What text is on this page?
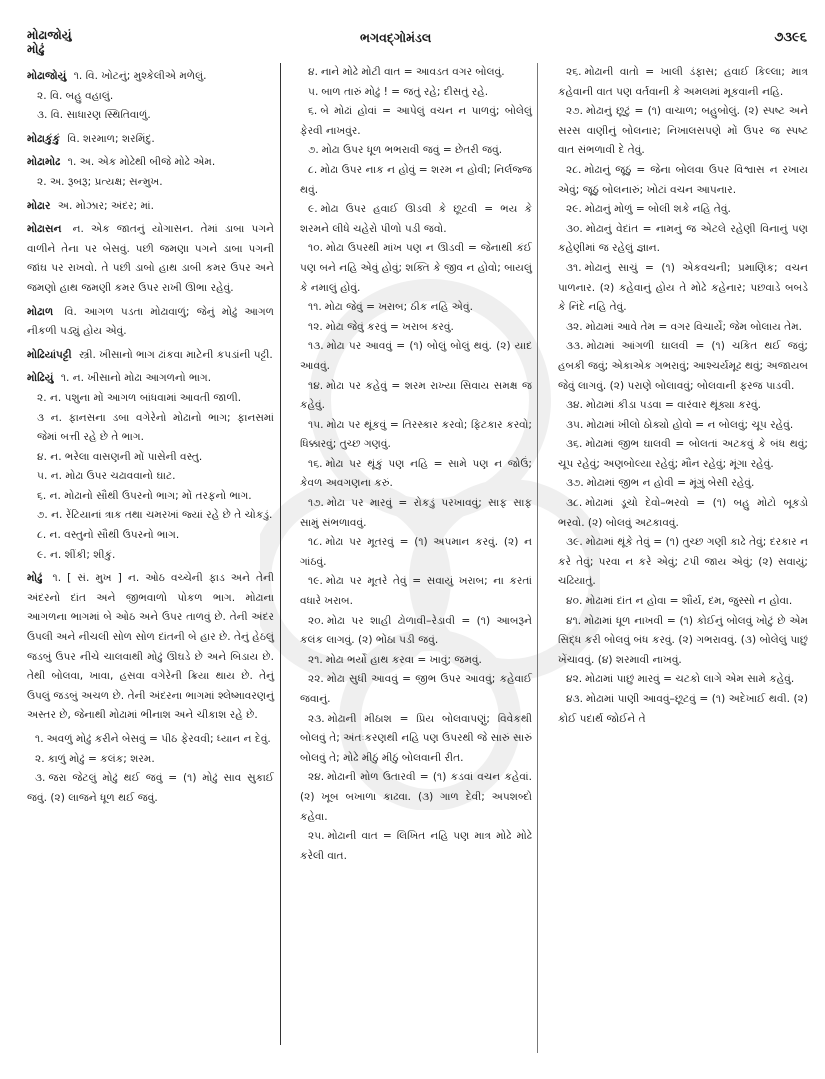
મોઢાજોયું
મોઢું
ભગવદ્ગોમંડલ	૭૩૯૬
મોઢાજોયું ૧. વિ. ખોટનું; મુશ્કેલીએ મળેલું.

૨. વિ. બહુ વહાલું.

૩. વિ. સાધારણ સ્થિતિવાળું.

મોઢાકુંકું વિ. શરમાળ; શરમિંદુ.
મોઢામોઢ ૧. અ. એક મોઢેથી બીજે મોઢે એમ.

૨. અ. રૂબરૂ; પ્રત્યક્ષ; સન્મુખ.

મોઢાર અ. મોઝાર; અંદર; માં.
મોઢાસન ન. એક જાતનું યોગાસન. તેમાં ડાબા પગને વાળીને તેના પર બેસવું. પછી જમણા પગને ડાબા પગની જાંઘ પર રાખવો. તે પછી ડાબો હાથ ડાબી કમર ઉપર અને જમણો હાથ જમણી કમર ઉપર રાખી ઊભા રહેવું.
મોઢાળ વિ. આગળ પડતા મોઢાવાળું; જેનું મોઢું આગળ નીકળી પડ્યું હોય એવું.
મોઢિયાંપટ્ટી સ્ત્રી. ખીસાનો ભાગ ઢાંકવા માટેની કપડાંની પટ્ટી.
મોઢિયું ૧. ન. ખીસાનો મોઢા આગળનો ભાગ.

૨. ન. પશુના મોં આગળ બાંધવામાં આવતી જાળી.

૩ ન. ફાનસના ડબા વગેરેનો મોઢાનો ભાગ; ફાનસમાં જેમાં બત્તી રહે છે તે ભાગ.

૪. ન. ભરેલા વાસણની મોં પાસેની વસ્તુ.

૫. ન. મોઢા ઉપર ચઢાવવાનો ઘાટ.

૬. ન. મોઢાનો સૌથી ઉપરનો ભાગ; મોં તરફનો ભાગ.

૭. ન. રેંટિયાનાં ત્રાક તથા ચમરખાં જ્યાં રહે છે તે ચોકડું.

૮. ન. વસ્તુનો સૌથી ઉપરનો ભાગ.

૯. ન. શીંકી; શીકું.

મોઢું ૧. [ સં. મુખ ] ન. ઓઠ વચ્ચેની ફાડ અને તેની અંદરનો દાંત અને જીભવાળો પોકળ ભાગ. મોઢાના આગળના ભાગમાં બે ઓઠ અને ઉપર તાળવું છે. તેની અંદર ઉપલી અને નીચલી સોળ સોળ દાંતની બે હાર છે. તેનું હેઠલું જડબું ઉપર નીચે ચાલવાથી મોઢું ઊઘડે છે અને બિડાય છે. તેથી બોલવા, ખાવા, હસવા વગેરેની ક્રિયા થાય છે. તેનું ઉપલું જડબું અચળ છે. તેની અંદરના ભાગમાં શ્લેષ્માવરણનું અસ્તર છે, જેનાથી મોઢામાં ભીનાશ અને ચીકાશ રહે છે.

૧. અવળું મોઢું કરીને બેસવું = પીઠ ફેરવવી; ધ્યાન ન દેવું.

૨. કાળું મોઢું = કલંક; શરમ.

૩. જરા જેટલું મોઢું થઈ જવું = (૧) મોઢું સાવ સુકાઈ જવું. (૨) લાજને ધૂળ થઈ જવું.

૪. નાને મોઢે મોટી વાત = આવડત વગર બોલવું.

૫. બાળ તારું મોઢું ! = જતું રહે; દીસતું રહે.

૬. બે મોઢાં હોવાં = આપેલું વચન ન પાળવું; બોલેલું ફેરવી નાખવુંર.

૭. મોઢા ઉપર ધૂળ ભભરાવી જવું = છેતરી જવું.

૮. મોઢા ઉપર નાક ન હોવું = શરમ ન હોવી; નિર્લજ્જ થવું.

૯. મોઢા ઉપર હવાઈ ઊડવી કે છૂટવી = ભય કે શરમને લીધે ચહેરો પીળો પડી જવો.

૧૦. મોઢા ઉપરથી માંખ પણ ન ઊડવી = જેનાથી કંઈ પણ બને નહિ એવું હોવું; શક્તિ કે જીવ ન હોવો; બાયલું કે નમાલું હોવું.

૧૧. મોઢા જેવું = ખરાબ; ઠીક નહિ એવું.

૧૨. મોઢા જેવું કરવું = ખરાબ કરવું.

૧૩. મોઢા પર આવવું = (૧) બોલું બોલું થવું. (૨) યાદ આવવું.

૧૪. મોઢા પર કહેવું = શરમ રાખ્યા સિવાય સમક્ષ જ કહેવું.

૧૫. મોઢા પર થૂંકવું = તિરસ્કાર કરવો; ફિટકાર કરવો; ધિક્કારવું; તુચ્છ ગણવું.

૧૬. મોઢા પર થૂંકું પણ નહિ = સામે પણ ન જોઉં; કેવળ અવગણના કરું.

૧૭. મોઢા પર મારવું = રોકડું પરખાવવું; સાફ સાફ સામું સંભળાવવું.

૧૮. મોઢા પર મૂતરવું = (૧) અપમાન કરવું. (૨) ન ગાંઠવું.

૧૯. મોઢા પર મૂતરે તેવું = સવાયું ખરાબ; ના કરતાં વધારે ખરાબ.

૨૦. મોઢા પર શાહી ઢોળાવી–રેડાવી = (૧) આબરૂને કલંક લાગવું. (૨) ભોંઠા પડી જવું.

૨૧. મોઢા ભર્યો હાથ કરવા = ખાવું; જમવું.

૨૨. મોઢા સુધી આવવું = જીભ ઉપર આવવું; કહેવાઈ જવાનું.

૨૩. મોઢાની મીઠાશ = પ્રિય બોલવાપણું; વિવેકથી બોલવું તે; અંતઃકરણથી નહિ પણ ઉપરથી જે સારું સારું બોલવું તે; મોઢે મીઠું મીઠું બોલવાની રીત.

૨૪. મોઢાની મોળ ઉતારવી = (૧) કડવાં વચન કહેવાં. (૨) ખૂબ બખાળા કાઢવા. (૩) ગાળ દેવી; અપશબ્દો કહેવા.

૨૫. મોઢાની વાત = લિખિત નહિ પણ માત્ર મોઢે મોઢે કરેલી વાત.

૨૬. મોઢાની વાતો = ખાલી ડંફાસ; હવાઈ કિલ્લા; માત્ર કહેવાની વાત પણ વર્તવાની કે અમલમાં મૂકવાની નહિ.

૨૭. મોઢાનું છૂટું = (૧) વાચાળ; બહુબોલું. (૨) સ્પષ્ટ અને સરસ વાણીનું બોલનાર; નિખાલસપણે મોં ઉપર જ સ્પષ્ટ વાત સંભળાવી દે તેવું.

૨૮. મોઢાનું જૂઠું = જેના બોલવા ઉપર વિશ્વાસ ન રખાય એવું; જૂઠું બોલનારું; ખોટાં વચન આપનાર.

૨૯. મોઢાનું મોળું = બોલી શકે નહિ તેવું.

૩૦. મોઢાનું વેદાંત = નામનું જ એટલે રહેણી વિનાનું પણ કહેણીમાં જ રહેલું જ્ઞાન.

૩૧. મોઢાનું સાચું = (૧) એકવચની; પ્રમાણિક; વચન પાળનાર. (૨) કહેવાનું હોય તે મોઢે કહેનાર; પછવાડે બબડે કે નિંદે નહિ તેવું.

૩૨. મોઢામાં આવે તેમ = વગર વિચાર્યે; જેમ બોલાય તેમ.

૩૩. મોઢામાં આંગળી ઘાલવી = (૧) ચકિત થઈ જવું; હબકી જવું; એકાએક ગભરાવું; આશ્ચર્યમૂઢ થવું; અજાયબ જેવું લાગવું. (૨) પરાણે બોલાવવું; બોલવાની ફરજ પાડવી.

૩૪. મોઢામાં કીડા પડવા = વારંવાર થૂંક્યા કરવું.

૩૫. મોઢામાં ખીલો ઠોક્યો હોવો = ન બોલવું; ચૂપ રહેવું.

૩૬. મોઢામાં જીભ ઘાલવી = બોલતાં અટકવું કે બંધ થવું; ચૂપ રહેવું; અણબોલ્યા રહેવું; મૌન રહેવું; મૂંગા રહેવું.

૩૭. મોઢામાં જીભ ન હોવી = મૂંગું બેસી રહેવું.

૩૮. મોઢામાં ડૂચો દેવો–ભરવો = (૧) બહુ મોટો બૂકડો ભરવો. (૨) બોલવું અટકાવવું.

૩૯. મોઢામાં થૂંકે તેવું = (૧) તુચ્છ ગણી કાઢે તેવું; દરકાર ન કરે તેવું; પરવા ન કરે એવું; ટપી જાય એવું; (૨) સવાયું; ચઢિયાતું.

૪૦. મોઢામાં દાંત ન હોવા = શૌર્ય, દમ, જુસ્સો ન હોવા.

૪૧. મોઢામાં ધૂળ નાખવી = (૧) કોઈનું બોલવું ખોટું છે એમ સિદ્ધ કરી બોલવું બંધ કરવું. (૨) ગભરાવવું. (૩) બોલેલું પાછું ખેંચાવવું. (૪) શરમાવી નાખવું.

૪૨. મોઢામાં પાછું મારવું = ચટકો લાગે એમ સામે કહેવું.

૪૩. મોઢામાં પાણી આવવું–છૂટવું = (૧) અદેખાઈ થવી. (૨) કોઈ પદાર્થ જોઈને તે
